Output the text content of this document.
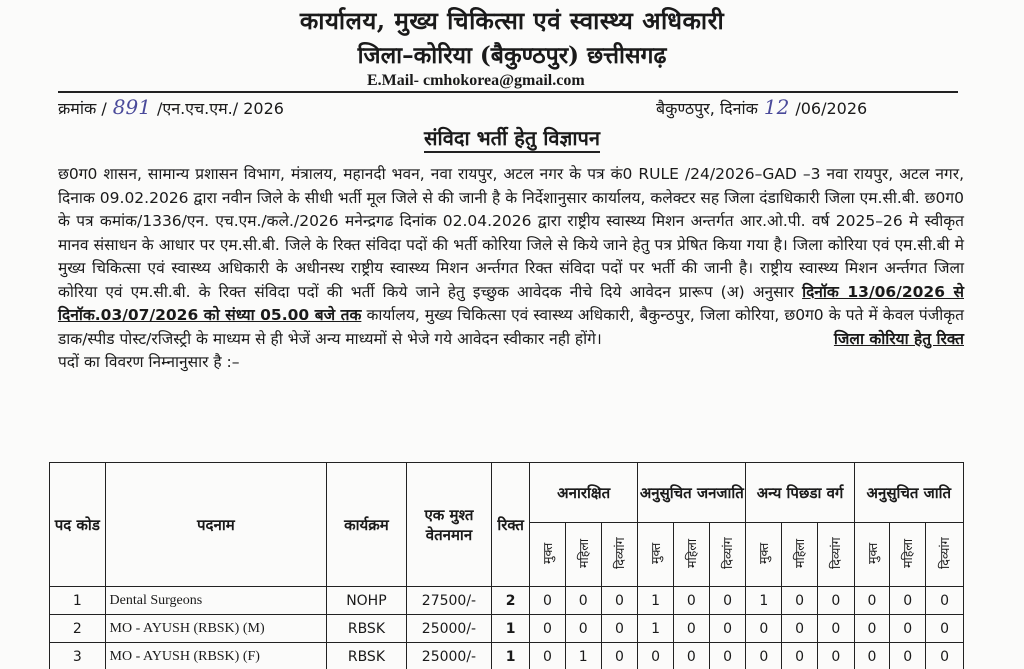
कार्यालय, मुख्य चिकित्सा एवं स्वास्थ्य अधिकारी
जिला–कोरिया (बैकुण्ठपुर) छत्तीसगढ़
E.Mail- cmhokorea@gmail.com
क्रमांक / 891 /एन.एच.एम./ 2026	बैकुण्ठपुर, दिनांक 12 /06/2026
संविदा भर्ती हेतु विज्ञापन

छ0ग0 शासन, सामान्य प्रशासन विभाग, मंत्रालय, महानदी भवन, नवा रायपुर, अटल नगर के पत्र कं0 RULE /24/2026–GAD –3 नवा रायपुर, अटल नगर, दिनाक 09.02.2026 द्वारा नवीन जिले के सीधी भर्ती मूल जिले से की जानी है के निर्देशानुसार कार्यालय, कलेक्टर सह जिला दंडाधिकारी जिला एम.सी.बी. छ0ग0 के पत्र कमांक/1336/एन. एच.एम./कले./2026 मनेन्द्रगढ दिनांक 02.04.2026 द्वारा राष्ट्रीय स्वास्थ्य मिशन अन्तर्गत आर.ओ.पी. वर्ष 2025–26 मे स्वीकृत मानव संसाधन के आधार पर एम.सी.बी. जिले के रिक्त संविदा पदों की भर्ती कोरिया जिले से किये जाने हेतु पत्र प्रेषित किया गया है। जिला कोरिया एवं एम.सी.बी मे मुख्य चिकित्सा एवं स्वास्थ्य अधिकारी के अधीनस्थ राष्ट्रीय स्वास्थ्य मिशन अर्न्तगत रिक्त संविदा पदों पर भर्ती की जानी है। राष्ट्रीय स्वास्थ्य मिशन अर्न्तगत जिला कोरिया एवं एम.सी.बी. के रिक्त संविदा पदों की भर्ती किये जाने हेतु इच्छुक आवेदक नीचे दिये आवेदन प्रारूप (अ) अनुसार दिनॉक 13/06/2026 से दिनॉक.03/07/2026 को संध्या 05.00 बजे तक कार्यालय, मुख्य चिकित्सा एवं स्वास्थ्य अधिकारी, बैकुन्ठपुर, जिला कोरिया, छ0ग0 के पते में केवल पंजीकृत डाक/स्पीड पोस्ट/रजिस्ट्री के माध्यम से ही भेजें अन्य माध्यमों से भेजे गये आवेदन स्वीकार नही होंगे।	जिला कोरिया हेतु रिक्त

पदों का विवरण निम्नानुसार है :–

पद कोड	पदनाम	कार्यक्रम	एक मुश्त वेतनमान	रिक्त	अनारक्षित			अनुसुचित जनजाति			अन्य पिछडा वर्ग			अनुसुचित जाति		
					मुक्त	महिला	दिव्यांग	मुक्त	महिला	दिव्यांग	मुक्त	महिला	दिव्यांग	मुक्त	महिला	दिव्यांग
1	Dental Surgeons	NOHP	27500/-	2	0	0	0	1	0	0	1	0	0	0	0	0
2	MO - AYUSH (RBSK) (M)	RBSK	25000/-	1	0	0	0	1	0	0	0	0	0	0	0	0
3	MO - AYUSH (RBSK) (F)	RBSK	25000/-	1	0	1	0	0	0	0	0	0	0	0	0	0
